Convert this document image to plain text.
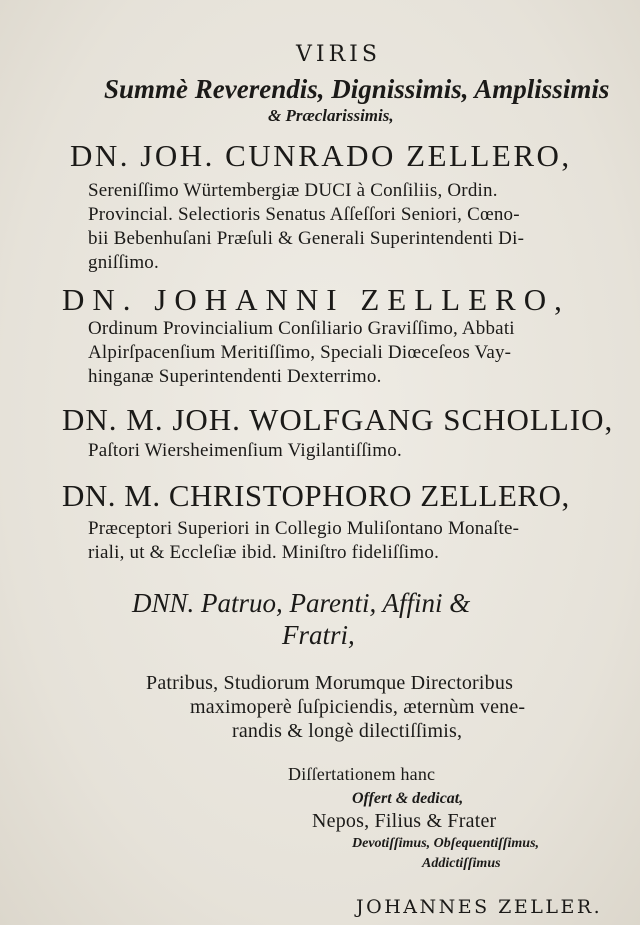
VIRIS
Summè Reverendis, Dignissimis, Amplissimis
& Præclarissimis,
DN. JOH. CUNRADO ZELLERO,
Sereniſſimo Würtembergiæ DUCI à Conſiliis, Ordin.
Provincial. Selectioris Senatus Aſſeſſori Seniori, Cœno-
bii Bebenhuſani Præſuli & Generali Superintendenti Di-
gniſſimo.
DN. JOHANNI ZELLERO,
Ordinum Provincialium Conſiliario Graviſſimo, Abbati
Alpirſpacenſium Meritiſſimo, Speciali Diœceſeos Vay-
hinganæ Superintendenti Dexterrimo.
DN. M. JOH. WOLFGANG SCHOLLIO,
Paſtori Wiersheimenſium Vigilantiſſimo.
DN. M. CHRISTOPHORO ZELLERO,
Præceptori Superiori in Collegio Muliſontano Monaſte-
riali, ut & Eccleſiæ ibid. Miniſtro fideliſſimo.
DNN. Patruo, Parenti, Affini &
Fratri,
Patribus, Studiorum Morumque Directoribus
maximoperè ſuſpiciendis, æternùm vene-
randis & longè dilectiſſimis,
Diſſertationem hanc
Offert & dedicat,
Nepos, Filius & Frater
Devotiſſimus, Obſequentiſſimus,
Addictiſſimus
JOHANNES ZELLER.
